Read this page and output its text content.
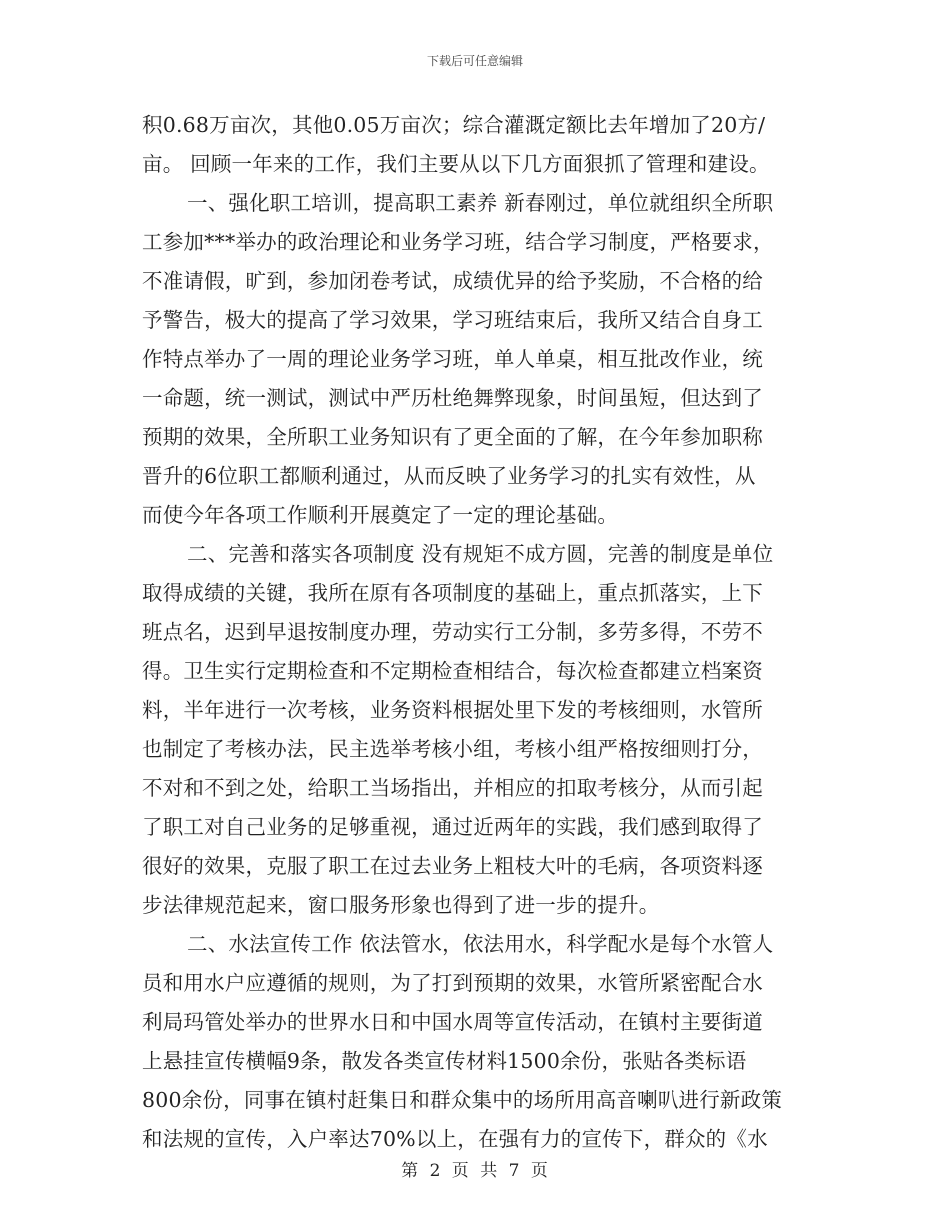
下载后可任意编辑
积0.68万亩次，其他0.05万亩次；综合灌溉定额比去年增加了20方/
亩。 回顾一年来的工作，我们主要从以下几方面狠抓了管理和建设。
一、强化职工培训，提高职工素养 新春刚过，单位就组织全所职
工参加***举办的政治理论和业务学习班，结合学习制度，严格要求，
不准请假，旷到，参加闭卷考试，成绩优异的给予奖励，不合格的给
予警告，极大的提高了学习效果，学习班结束后，我所又结合自身工
作特点举办了一周的理论业务学习班，单人单桌，相互批改作业，统
一命题，统一测试，测试中严历杜绝舞弊现象，时间虽短，但达到了
预期的效果，全所职工业务知识有了更全面的了解，在今年参加职称
晋升的6位职工都顺利通过，从而反映了业务学习的扎实有效性，从
而使今年各项工作顺利开展奠定了一定的理论基础。
二、完善和落实各项制度 没有规矩不成方圆，完善的制度是单位
取得成绩的关键，我所在原有各项制度的基础上，重点抓落实，上下
班点名，迟到早退按制度办理，劳动实行工分制，多劳多得，不劳不
得。卫生实行定期检查和不定期检查相结合，每次检查都建立档案资
料，半年进行一次考核，业务资料根据处里下发的考核细则，水管所
也制定了考核办法，民主选举考核小组，考核小组严格按细则打分，
不对和不到之处，给职工当场指出，并相应的扣取考核分，从而引起
了职工对自己业务的足够重视，通过近两年的实践，我们感到取得了
很好的效果，克服了职工在过去业务上粗枝大叶的毛病，各项资料逐
步法律规范起来，窗口服务形象也得到了进一步的提升。
二、水法宣传工作 依法管水，依法用水，科学配水是每个水管人
员和用水户应遵循的规则，为了打到预期的效果，水管所紧密配合水
利局玛管处举办的世界水日和中国水周等宣传活动，在镇村主要街道
上悬挂宣传横幅9条，散发各类宣传材料1500余份，张贴各类标语
800余份，同事在镇村赶集日和群众集中的场所用高音喇叭进行新政策
和法规的宣传，入户率达70%以上，在强有力的宣传下，群众的《水
第 2 页 共 7 页
